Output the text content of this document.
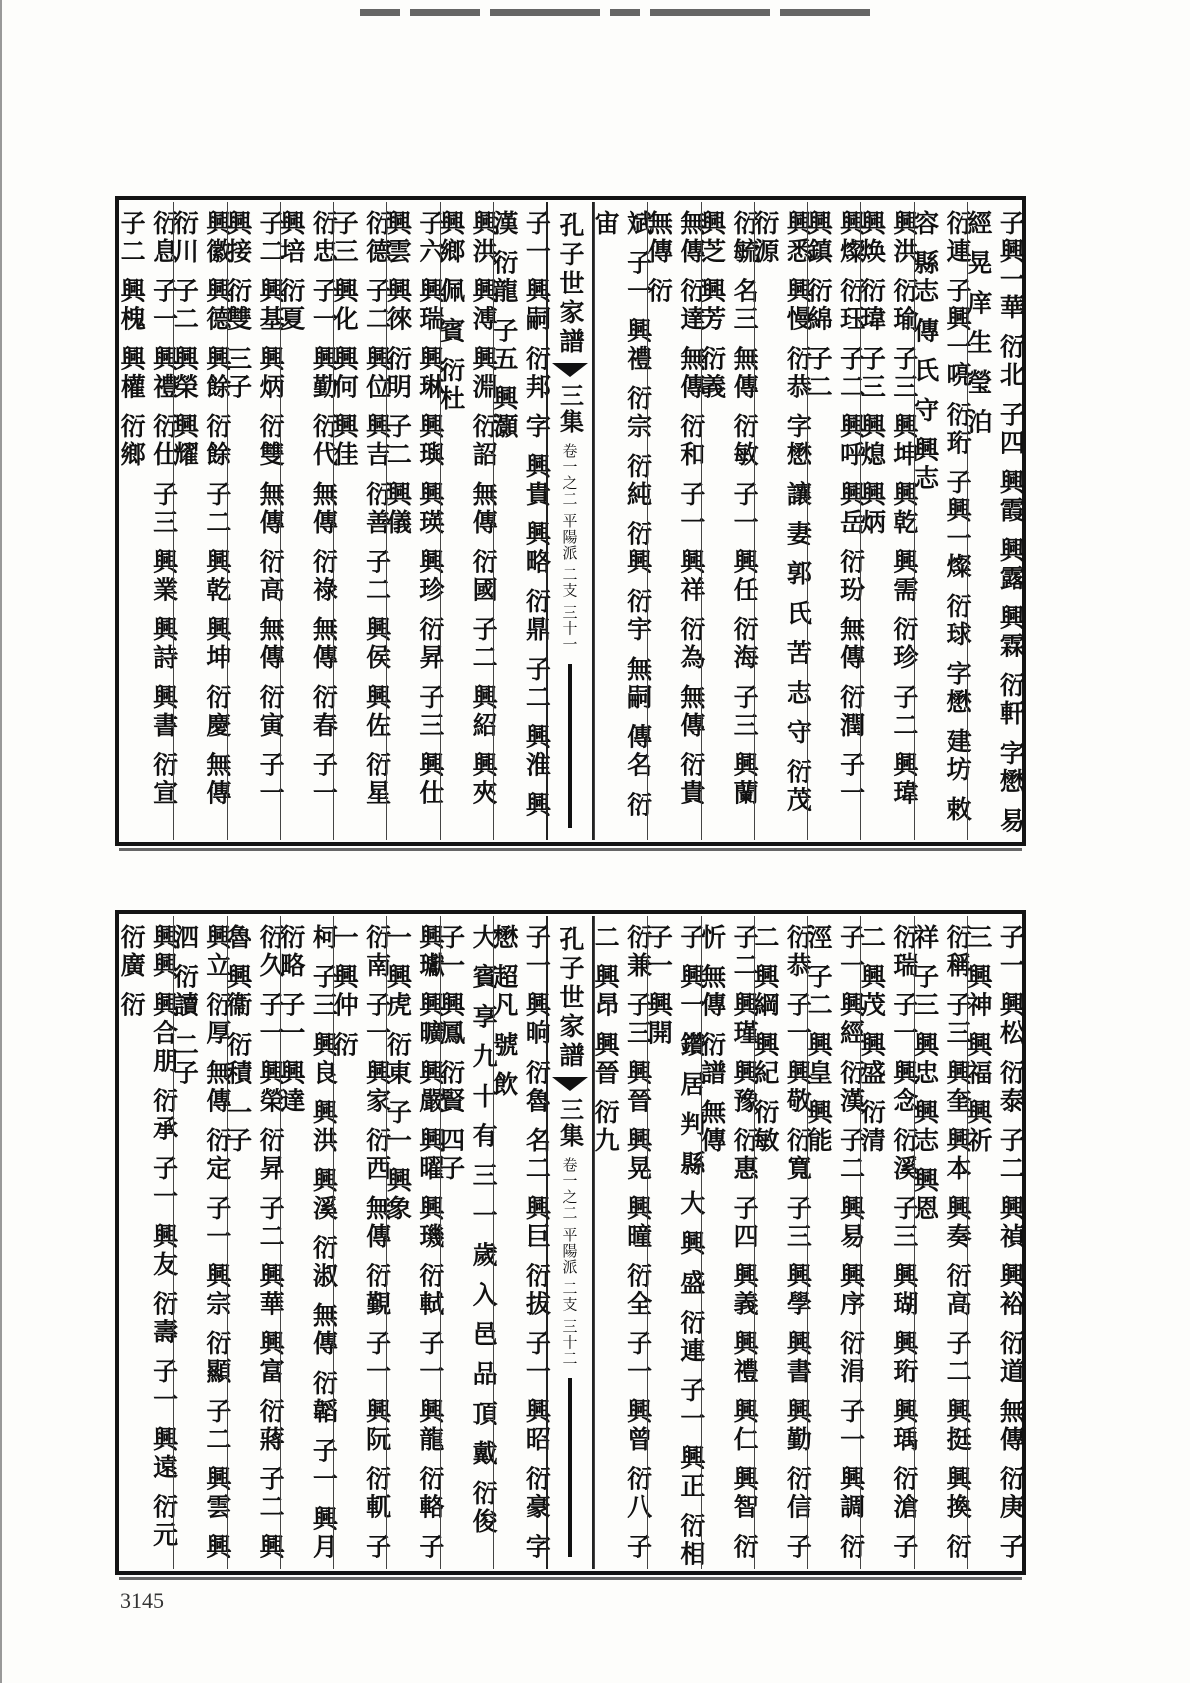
子興一華 衍北 子四 興霞 興露 興霖 衍軒 字懋 易 經 晃 庠 生 瑩 泊
衍連 子興一喨 衍珩 子興一燦 衍球 字懋 建坊 敕容 縣志 傳 氏 守 興志
興洪 衍瑜 子三 興坤 興乾 興需 衍珍 子二 興瑋 興焕 衍瑋 子三 興熄 興炳
興燦 衍珏 子二 興呼 興岳 衍玢 無傳 衍潤 子一 興鎮 衍綿 子二
興悉 興慢 衍恭 字懋 讓 妻 郭 氏 苦 志 守 衍茂 衍源
衍毓 名三 無傳 衍敏 子一 興任 衍海 子三 興蘭 興芝 興芳 衍義
無傳 衍達 無傳 衍和 子一 興祥 衍為 無傳 衍貴 無傳 衍
斌 子一 興禮 衍宗 衍純 衍興 衍宇 無嗣 傳名 衍宙
孔子世家譜
三集
卷一之二 平陽派 二支 三十一
子一 興嗣 衍邦 字 興貴 興略 衍鼎 子二 興淮 興漢 衍龍 子五 興灝
興洪 興溥 興淵 衍詔 無傳 衍國 子二 興紹 興夾 興鄉 佩 賓 衍杜
子六 興瑞 興琳 興璵 興瑛 興珍 衍昇 子三 興仕 興雲 興徠 衍明 子二 興儀
衍德 子二 興位 興吉 衍善 子二 興侯 興佐 衍星 子三 興化 興何 興佳
衍忠 子一 興勤 衍代 無傳 衍祿 無傳 衍春 子一 興培 衍夏
子二 興基 興炳 衍雙 無傳 衍高 無傳 衍寅 子一 興接 衍雙 三子
興徽 興德 興餘 衍餘 子二 興乾 興坤 衍慶 無傳 衍川 子二 興榮 興耀
衍息 子一 興禮 衍仕 子三 興業 興詩 興書 衍宣 子二 興槐 興權 衍鄉
子一 興松 衍泰 子二 興禎 興裕 衍道 無傳 衍庚 子三 興神 興福 興祈
衍稱 子三 興奎 興本 興奏 衍高 子二 興挺 興換 衍祥 子三 興忠 興志 興恩
衍瑞 子一 興念 衍溪 子三 興瑚 興珩 興瑀 衍滄 子二 興茂 興盛 衍清
子一 興經 衍漢 子二 興易 興序 衍涓 子一 興調 衍涇 子二 興皇 興能
衍恭 子一 興敬 衍寬 子三 興學 興書 興勤 衍信 子二 興綱 興紀 衍敏
子二 興瑾 興豫 衍惠 子四 興義 興禮 興仁 興智 衍忻 無傳 衍譜 無傳
子 興一 鑽 居 判 縣 大 興 盛 衍連 子一 興正 衍相 子一 興開
衍兼 子三 興晉 興晃 興曈 衍全 子一 興曾 衍八 子二 興昂 興晉 衍九
孔子世家譜
三集
卷一之二 平陽派 二支 三十二
子一 興晌 衍魯 名二 興巨 衍拔 子一 興昭 衍豪 字懋 超凡 號 飲
大 賓 享 九 十 有 三 一 歲 入 邑 品 頂 戴 衍俊 子一 興鳳 衍賢 四子
興瓛 興曠 興嚴 興曜 興璣 衍軾 子一 興龍 衍輅 子一 興虎 衍東 子一 興象
衍南 子一 興家 衍西 無傳 衍覲 子一 興阮 衍軏 子一 興仲 衍
柯 子三 興良 興洪 興溪 衍淑 無傳 衍韜 子一 興月 衍略 子一 興達
衍久 子一 興榮 衍昇 子二 興華 興富 衍蔣 子二 興魯 興衞 衍積 一子
興立 衍厚 無傳 衍定 子一 興宗 衍顯 子二 興雲 興泗 衍讀 二子
興興 興合朋 衍承 子一 興友 衍壽 子一 興遠 衍元 衍廣 衍
3145
